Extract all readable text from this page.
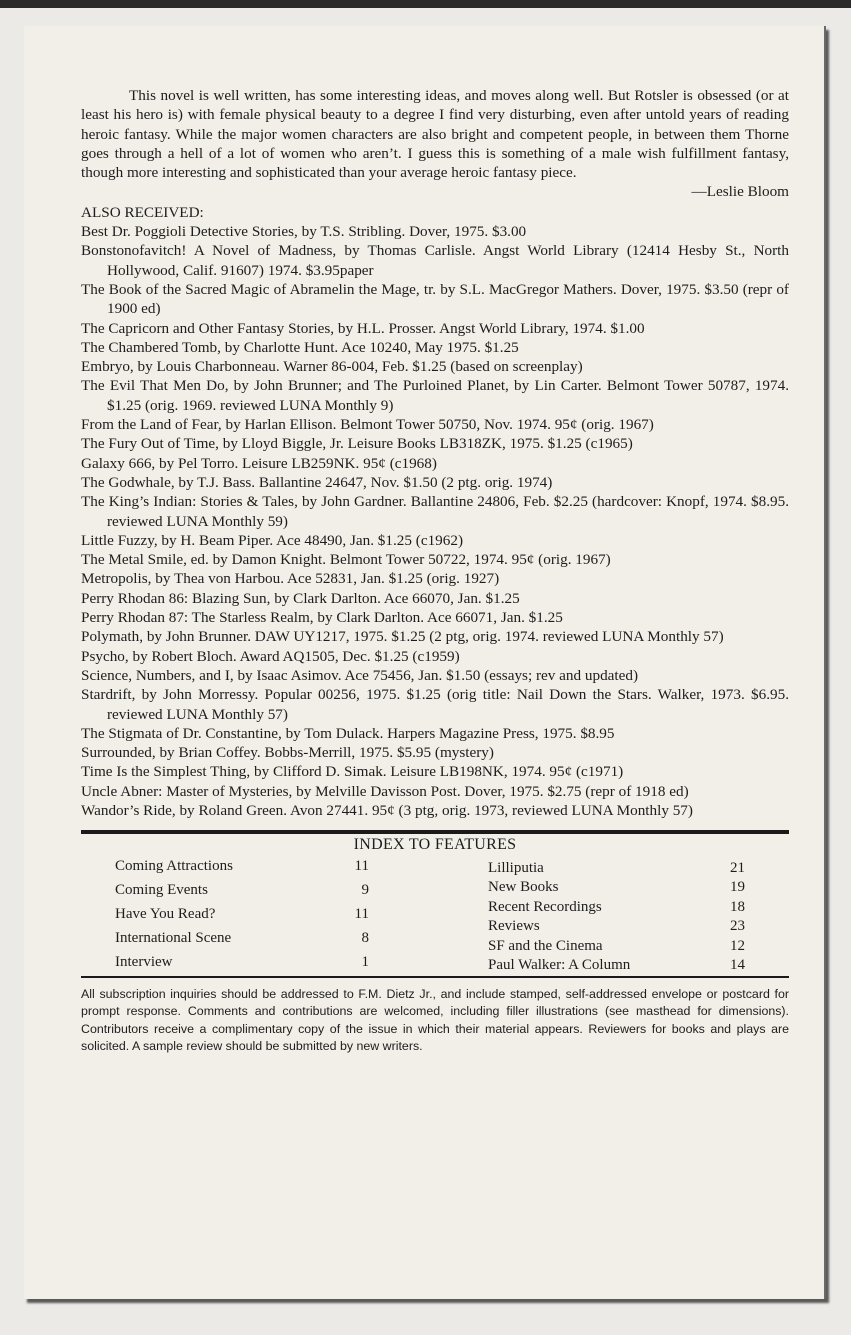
This novel is well written, has some interesting ideas, and moves along well. But Rotsler is obsessed (or at least his hero is) with female physical beauty to a degree I find very disturbing, even after untold years of reading heroic fantasy. While the major women characters are also bright and competent people, in between them Thorne goes through a hell of a lot of women who aren’t. I guess this is something of a male wish fulfillment fantasy, though more interesting and sophisticated than your average heroic fantasy piece.

—Leslie Bloom
ALSO RECEIVED:
Best Dr. Poggioli Detective Stories, by T.S. Stribling. Dover, 1975. $3.00
Bonstonofavitch! A Novel of Madness, by Thomas Carlisle. Angst World Library (12414 Hesby St., North Hollywood, Calif. 91607) 1974. $3.95paper
The Book of the Sacred Magic of Abramelin the Mage, tr. by S.L. MacGregor Mathers. Dover, 1975. $3.50 (repr of 1900 ed)
The Capricorn and Other Fantasy Stories, by H.L. Prosser. Angst World Library, 1974. $1.00
The Chambered Tomb, by Charlotte Hunt. Ace 10240, May 1975. $1.25
Embryo, by Louis Charbonneau. Warner 86-004, Feb. $1.25 (based on screenplay)
The Evil That Men Do, by John Brunner; and The Purloined Planet, by Lin Carter. Belmont Tower 50787, 1974. $1.25 (orig. 1969. reviewed LUNA Monthly 9)
From the Land of Fear, by Harlan Ellison. Belmont Tower 50750, Nov. 1974. 95¢ (orig. 1967)
The Fury Out of Time, by Lloyd Biggle, Jr. Leisure Books LB318ZK, 1975. $1.25 (c1965)
Galaxy 666, by Pel Torro. Leisure LB259NK. 95¢ (c1968)
The Godwhale, by T.J. Bass. Ballantine 24647, Nov. $1.50 (2 ptg. orig. 1974)
The King’s Indian: Stories & Tales, by John Gardner. Ballantine 24806, Feb. $2.25 (hardcover: Knopf, 1974. $8.95. reviewed LUNA Monthly 59)
Little Fuzzy, by H. Beam Piper. Ace 48490, Jan. $1.25 (c1962)
The Metal Smile, ed. by Damon Knight. Belmont Tower 50722, 1974. 95¢ (orig. 1967)
Metropolis, by Thea von Harbou. Ace 52831, Jan. $1.25 (orig. 1927)
Perry Rhodan 86: Blazing Sun, by Clark Darlton. Ace 66070, Jan. $1.25
Perry Rhodan 87: The Starless Realm, by Clark Darlton. Ace 66071, Jan. $1.25
Polymath, by John Brunner. DAW UY1217, 1975. $1.25 (2 ptg, orig. 1974. reviewed LUNA Monthly 57)
Psycho, by Robert Bloch. Award AQ1505, Dec. $1.25 (c1959)
Science, Numbers, and I, by Isaac Asimov. Ace 75456, Jan. $1.50 (essays; rev and updated)
Stardrift, by John Morressy. Popular 00256, 1975. $1.25 (orig title: Nail Down the Stars. Walker, 1973. $6.95. reviewed LUNA Monthly 57)
The Stigmata of Dr. Constantine, by Tom Dulack. Harpers Magazine Press, 1975. $8.95
Surrounded, by Brian Coffey. Bobbs-Merrill, 1975. $5.95 (mystery)
Time Is the Simplest Thing, by Clifford D. Simak. Leisure LB198NK, 1974. 95¢ (c1971)
Uncle Abner: Master of Mysteries, by Melville Davisson Post. Dover, 1975. $2.75 (repr of 1918 ed)
Wandor’s Ride, by Roland Green. Avon 27441. 95¢ (3 ptg, orig. 1973, reviewed LUNA Monthly 57)
INDEX TO FEATURES
Coming Attractions	11
Coming Events	9
Have You Read?	11
International Scene	8
Interview	1
Lilliputia	21
New Books	19
Recent Recordings	18
Reviews	23
SF and the Cinema	12
Paul Walker: A Column	14
All subscription inquiries should be addressed to F.M. Dietz Jr., and include stamped, self-addressed envelope or postcard for prompt response. Comments and contributions are welcomed, including filler illustrations (see masthead for dimensions). Contributors receive a complimentary copy of the issue in which their material appears. Reviewers for books and plays are solicited. A sample review should be submitted by new writers.
